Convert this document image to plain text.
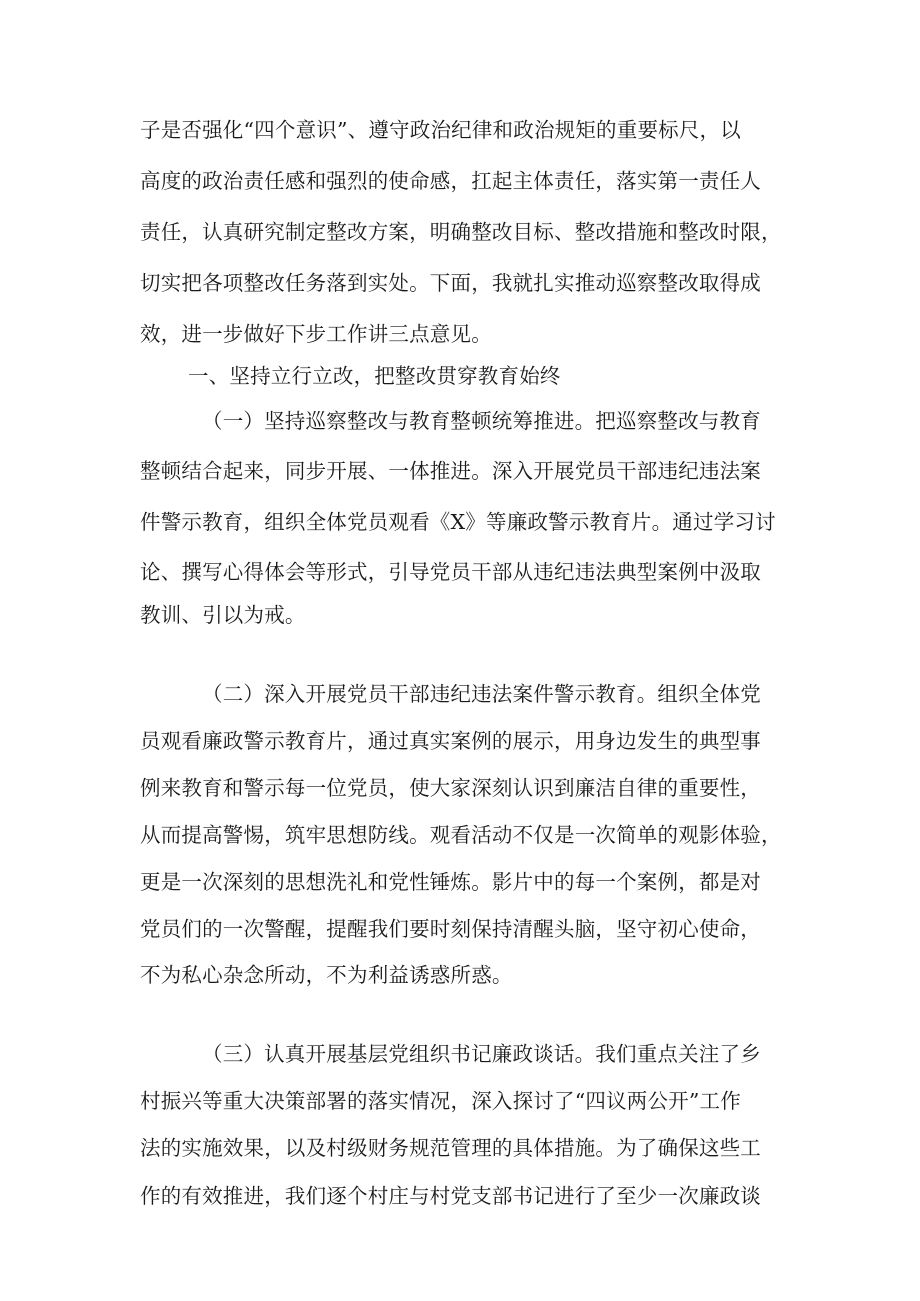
子是否强化“四个意识”、遵守政治纪律和政治规矩的重要标尺，以
高度的政治责任感和强烈的使命感，扛起主体责任，落实第一责任人
责任，认真研究制定整改方案，明确整改目标、整改措施和整改时限，
切实把各项整改任务落到实处。下面，我就扎实推动巡察整改取得成
效，进一步做好下步工作讲三点意见。
一、坚持立行立改，把整改贯穿教育始终
（一）坚持巡察整改与教育整顿统筹推进。把巡察整改与教育
整顿结合起来，同步开展、一体推进。深入开展党员干部违纪违法案
件警示教育，组织全体党员观看《X》等廉政警示教育片。通过学习讨
论、撰写心得体会等形式，引导党员干部从违纪违法典型案例中汲取
教训、引以为戒。
（二）深入开展党员干部违纪违法案件警示教育。组织全体党
员观看廉政警示教育片，通过真实案例的展示，用身边发生的典型事
例来教育和警示每一位党员，使大家深刻认识到廉洁自律的重要性，
从而提高警惕，筑牢思想防线。观看活动不仅是一次简单的观影体验，
更是一次深刻的思想洗礼和党性锤炼。影片中的每一个案例，都是对
党员们的一次警醒，提醒我们要时刻保持清醒头脑，坚守初心使命，
不为私心杂念所动，不为利益诱惑所惑。
（三）认真开展基层党组织书记廉政谈话。我们重点关注了乡
村振兴等重大决策部署的落实情况，深入探讨了“四议两公开”工作
法的实施效果，以及村级财务规范管理的具体措施。为了确保这些工
作的有效推进，我们逐个村庄与村党支部书记进行了至少一次廉政谈
